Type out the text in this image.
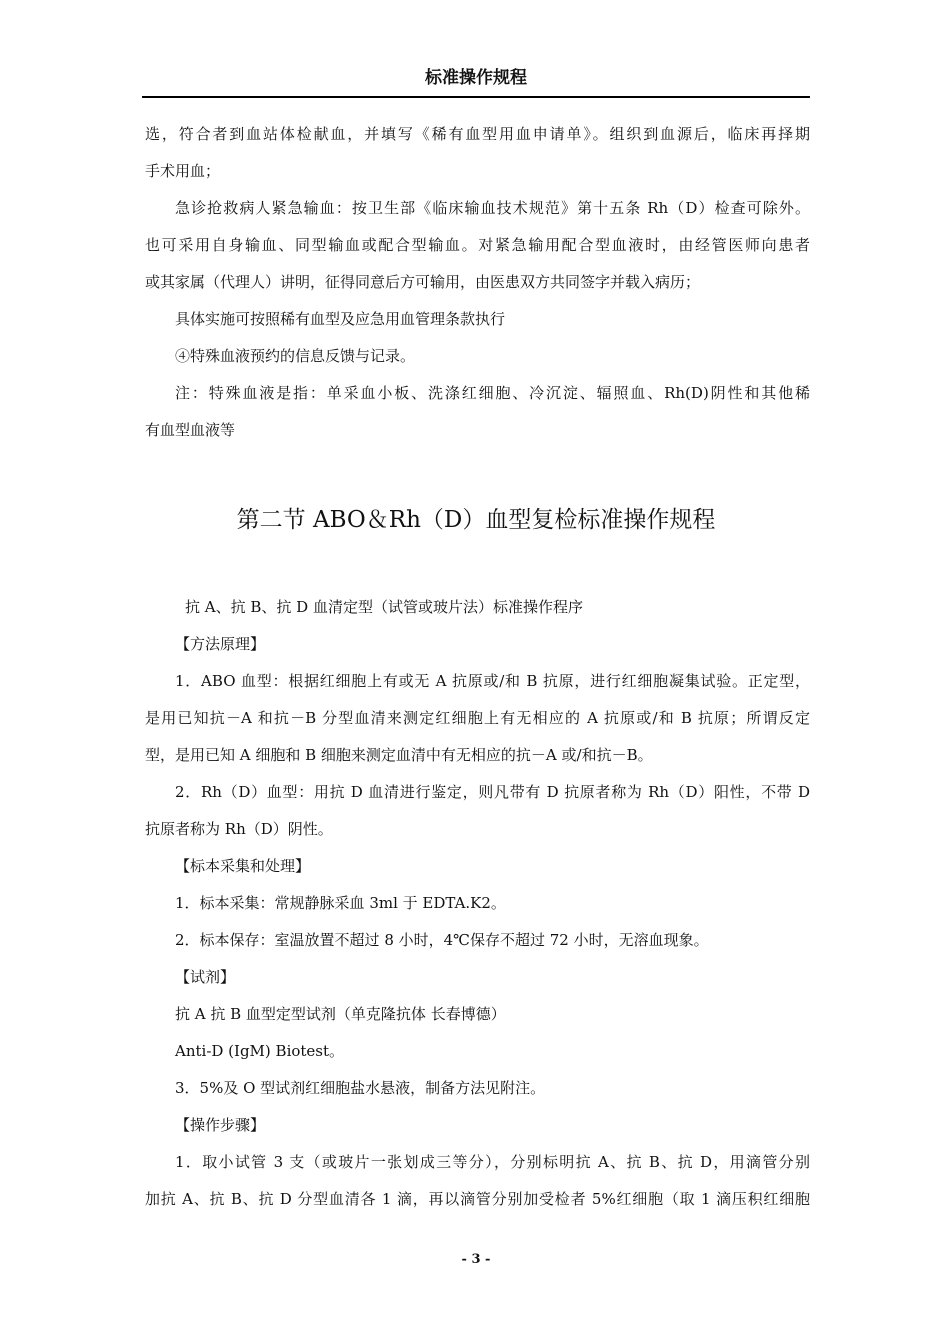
标准操作规程
选，符合者到血站体检献血，并填写《稀有血型用血申请单》。组织到血源后，临床再择期
手术用血；
急诊抢救病人紧急输血：按卫生部《临床输血技术规范》第十五条 Rh（D）检查可除外。
也可采用自身输血、同型输血或配合型输血。对紧急输用配合型血液时，由经管医师向患者
或其家属（代理人）讲明，征得同意后方可输用，由医患双方共同签字并载入病历；
具体实施可按照稀有血型及应急用血管理条款执行
④特殊血液预约的信息反馈与记录。
注：特殊血液是指：单采血小板、洗涤红细胞、冷沉淀、辐照血、Rh(D)阴性和其他稀
有血型血液等
第二节 ABO＆Rh（D）血型复检标准操作规程
抗 A、抗 B、抗 D 血清定型（试管或玻片法）标准操作程序
【方法原理】
1．ABO 血型：根据红细胞上有或无 A 抗原或/和 B 抗原，进行红细胞凝集试验。正定型，
是用已知抗－A 和抗－B 分型血清来测定红细胞上有无相应的 A 抗原或/和 B 抗原；所谓反定
型，是用已知 A 细胞和 B 细胞来测定血清中有无相应的抗－A 或/和抗－B。
2．Rh（D）血型：用抗 D 血清进行鉴定，则凡带有 D 抗原者称为 Rh（D）阳性，不带 D
抗原者称为 Rh（D）阴性。
【标本采集和处理】
1．标本采集：常规静脉采血 3ml 于 EDTA.K2。
2．标本保存：室温放置不超过 8 小时，4℃保存不超过 72 小时，无溶血现象。
【试剂】
抗 A 抗 B 血型定型试剂（单克隆抗体 长春博德）
Anti-D (IgM) Biotest。
3．5%及 O 型试剂红细胞盐水悬液，制备方法见附注。
【操作步骤】
1．取小试管 3 支（或玻片一张划成三等分），分别标明抗 A、抗 B、抗 D，用滴管分别
加抗 A、抗 B、抗 D 分型血清各 1 滴，再以滴管分别加受检者 5%红细胞（取 1 滴压积红细胞
- 3 -
